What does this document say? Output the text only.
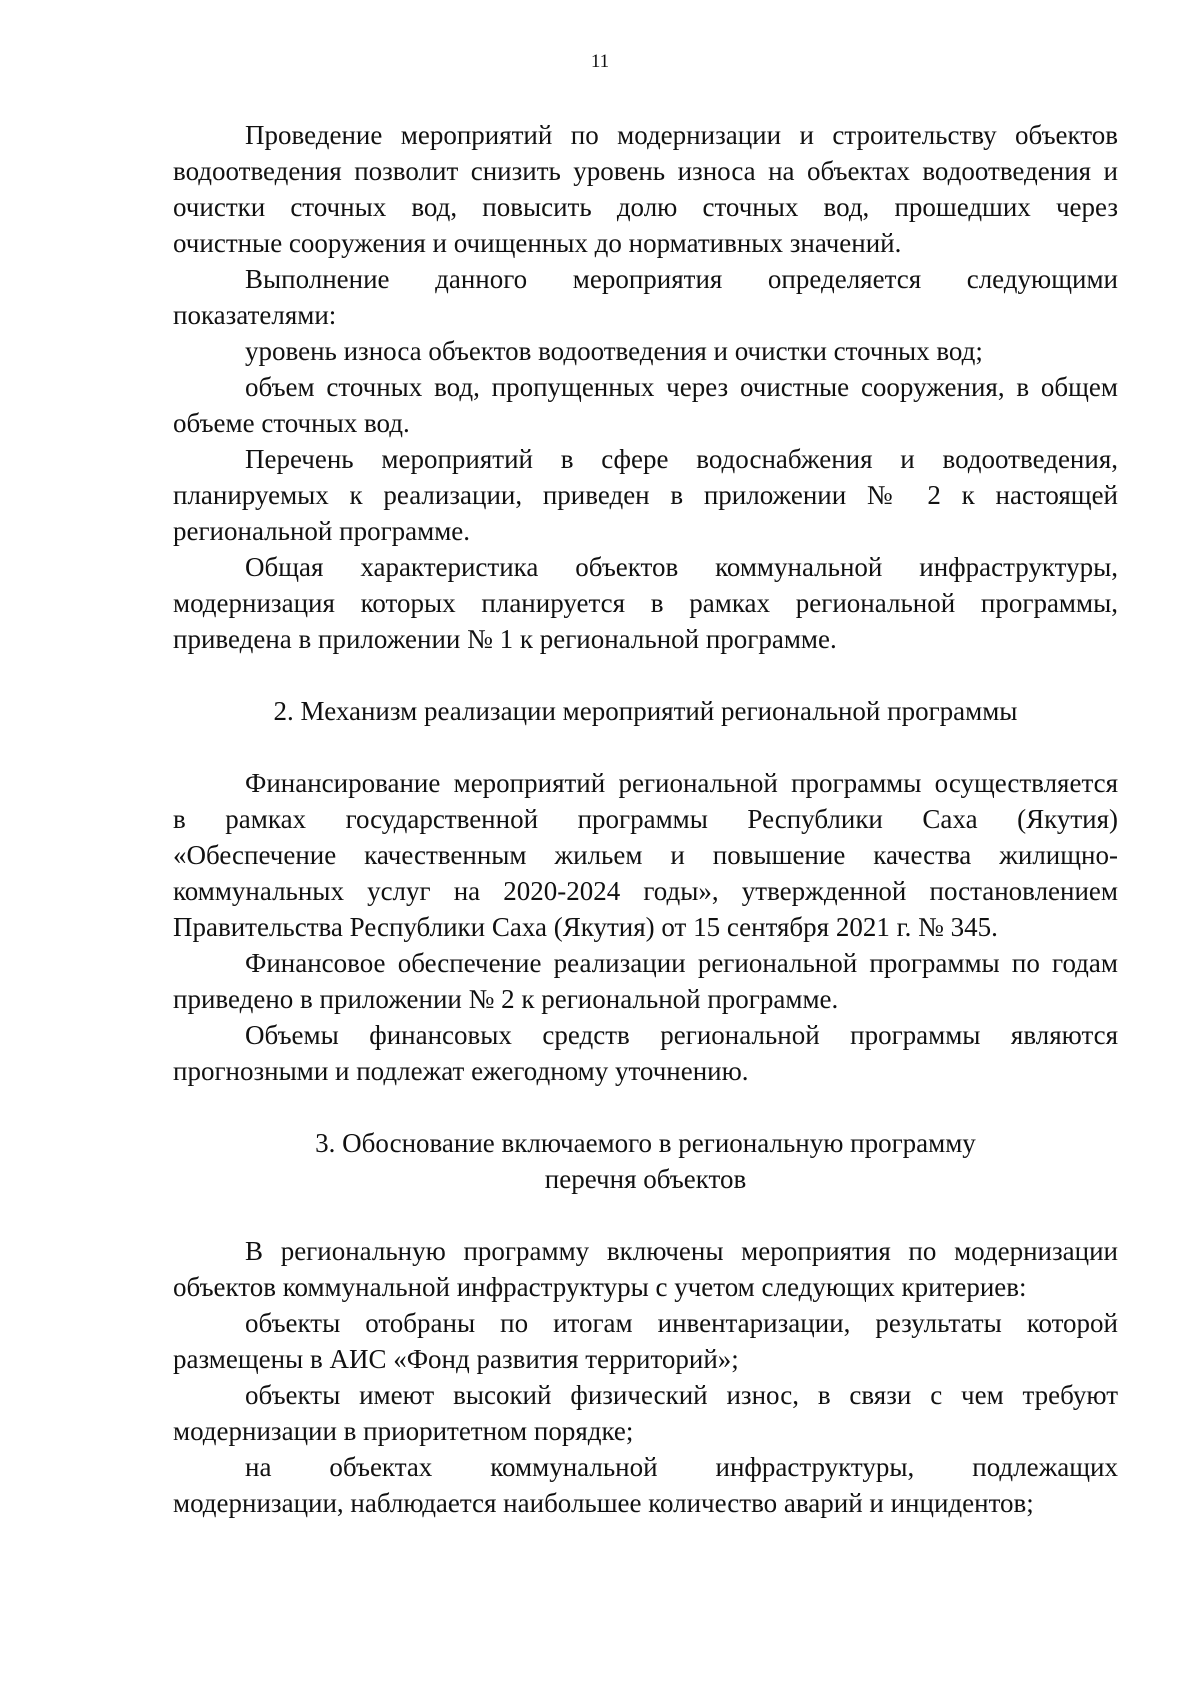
11
Проведение мероприятий по модернизации и строительству объектов
водоотведения позволит снизить уровень износа на объектах водоотведения и
очистки сточных вод, повысить долю сточных вод, прошедших через
очистные сооружения и очищенных до нормативных значений.
Выполнение данного мероприятия определяется следующими
показателями:
уровень износа объектов водоотведения и очистки сточных вод;
объем сточных вод, пропущенных через очистные сооружения, в общем
объеме сточных вод.
Перечень мероприятий в сфере водоснабжения и водоотведения,
планируемых к реализации, приведен в приложении № 2 к настоящей
региональной программе.
Общая характеристика объектов коммунальной инфраструктуры,
модернизация которых планируется в рамках региональной программы,
приведена в приложении № 1 к региональной программе.
2. Механизм реализации мероприятий региональной программы
Финансирование мероприятий региональной программы осуществляется
в рамках государственной программы Республики Саха (Якутия)
«Обеспечение качественным жильем и повышение качества жилищно-
коммунальных услуг на 2020-2024 годы», утвержденной постановлением
Правительства Республики Саха (Якутия) от 15 сентября 2021 г. № 345.
Финансовое обеспечение реализации региональной программы по годам
приведено в приложении № 2 к региональной программе.
Объемы финансовых средств региональной программы являются
прогнозными и подлежат ежегодному уточнению.
3. Обоснование включаемого в региональную программу
перечня объектов
В региональную программу включены мероприятия по модернизации
объектов коммунальной инфраструктуры с учетом следующих критериев:
объекты отобраны по итогам инвентаризации, результаты которой
размещены в АИС «Фонд развития территорий»;
объекты имеют высокий физический износ, в связи с чем требуют
модернизации в приоритетном порядке;
на объектах коммунальной инфраструктуры, подлежащих
модернизации, наблюдается наибольшее количество аварий и инцидентов;
